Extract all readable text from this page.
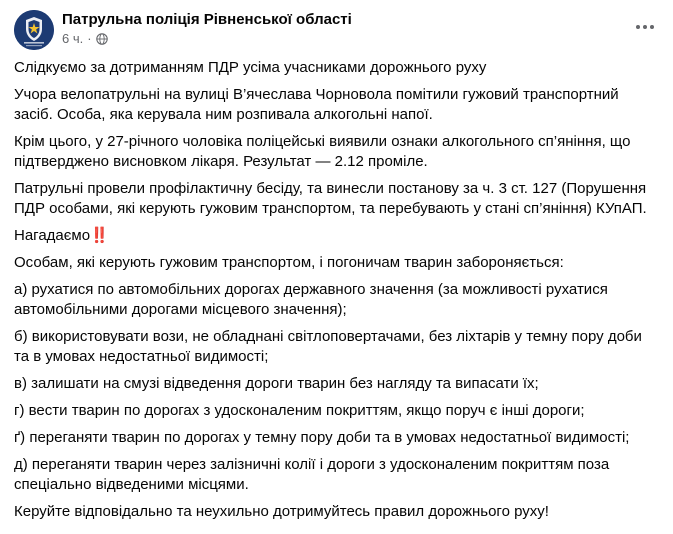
Патрульна поліція Рівненської області
6 ч. ·

Слідкуємо за дотриманням ПДР усіма учасниками дорожнього руху

Учора велопатрульні на вулиці В’ячеслава Чорновола помітили гужовий транспортний засіб. Особа, яка керувала ним розпивала алкогольні напої.

Крім цього, у 27-річного чоловіка поліцейські виявили ознаки алкогольного сп’яніння, що підтверджено висновком лікаря. Результат — 2.12 проміле.

Патрульні провели профілактичну бесіду, та винесли постанову за ч. 3 ст. 127 (Порушення ПДР особами, які керують гужовим транспортом, та перебувають у стані сп’яніння) КУпАП.

Нагадаємо‼️

Особам, які керують гужовим транспортом, і погоничам тварин забороняється:

а) рухатися по автомобільних дорогах державного значення (за можливості рухатися автомобільними дорогами місцевого значення);

б) використовувати вози, не обладнані світлоповертачами, без ліхтарів у темну пору доби та в умовах недостатньої видимості;

в) залишати на смузі відведення дороги тварин без нагляду та випасати їх;

г) вести тварин по дорогах з удосконаленим покриттям, якщо поруч є інші дороги;

ґ) переганяти тварин по дорогах у темну пору доби та в умовах недостатньої видимості;

д) переганяти тварин через залізничні колії і дороги з удосконаленим покриттям поза спеціально відведеними місцями.

Керуйте відповідально та неухильно дотримуйтесь правил дорожнього руху!
